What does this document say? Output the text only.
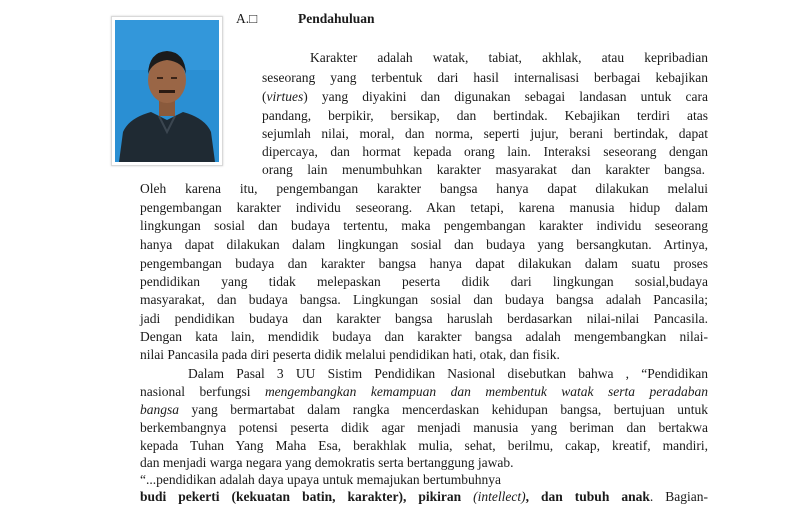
A.□	Pendahuluan
Karakter adalah watak, tabiat, akhlak, atau kepribadian
seseorang yang terbentuk dari hasil internalisasi berbagai kebajikan
(virtues) yang diyakini dan digunakan sebagai landasan untuk cara
pandang, berpikir, bersikap, dan bertindak. Kebajikan terdiri atas
sejumlah nilai, moral, dan norma, seperti jujur, berani bertindak, dapat
dipercaya, dan hormat kepada orang lain. Interaksi seseorang dengan
orang lain menumbuhkan karakter masyarakat dan karakter bangsa.
Oleh karena itu, pengembangan karakter bangsa hanya dapat dilakukan melalui
pengembangan karakter individu seseorang. Akan tetapi, karena manusia hidup dalam
lingkungan sosial dan budaya tertentu, maka pengembangan karakter individu seseorang
hanya dapat dilakukan dalam lingkungan sosial dan budaya yang bersangkutan. Artinya,
pengembangan budaya dan karakter bangsa hanya dapat dilakukan dalam suatu proses
pendidikan yang tidak melepaskan peserta didik dari lingkungan sosial,budaya
masyarakat, dan budaya bangsa. Lingkungan sosial dan budaya bangsa adalah Pancasila;
jadi pendidikan budaya dan karakter bangsa haruslah berdasarkan nilai-nilai Pancasila.
Dengan kata lain, mendidik budaya dan karakter bangsa adalah mengembangkan nilai-
nilai Pancasila pada diri peserta didik melalui pendidikan hati, otak, dan fisik.
Dalam Pasal 3 UU Sistim Pendidikan Nasional disebutkan bahwa , “Pendidikan
nasional berfungsi mengembangkan kemampuan dan membentuk watak serta peradaban
bangsa yang bermartabat dalam rangka mencerdaskan kehidupan bangsa, bertujuan untuk
berkembangnya potensi peserta didik agar menjadi manusia yang beriman dan bertakwa
kepada Tuhan Yang Maha Esa, berakhlak mulia, sehat, berilmu, cakap, kreatif, mandiri,
dan menjadi warga negara yang demokratis serta bertanggung jawab.
“...pendidikan adalah daya upaya untuk memajukan bertumbuhnya
budi pekerti (kekuatan batin, karakter), pikiran (intellect), dan tubuh anak. Bagian-
